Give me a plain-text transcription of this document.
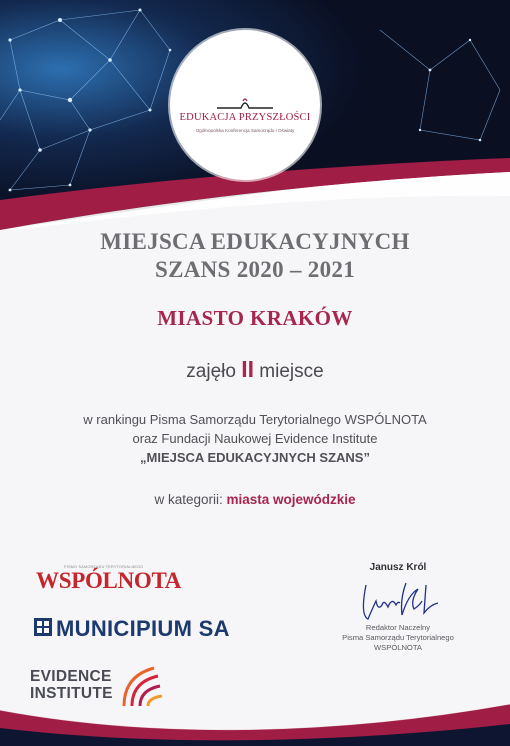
EDUKACJA PRZYSZŁOŚCI
Ogólnopolska Konferencja Samorządu i Oświaty
MIEJSCA EDUKACYJNYCH
SZANS 2020 – 2021
MIASTO KRAKÓW
zajęło II miejsce
w rankingu Pisma Samorządu Terytorialnego WSPÓLNOTA
oraz Fundacji Naukowej Evidence Institute
„MIEJSCA EDUKACYJNYCH SZANS”
w kategorii: miasta wojewódzkie
PISMO SAMORZĄDU TERYTORIALNEGO
WSPÓLNOTA
MUNICIPIUM SA
EVIDENCE
INSTITUTE
Janusz Król
Redaktor Naczelny
Pisma Samorządu Terytorialnego
WSPÓLNOTA
